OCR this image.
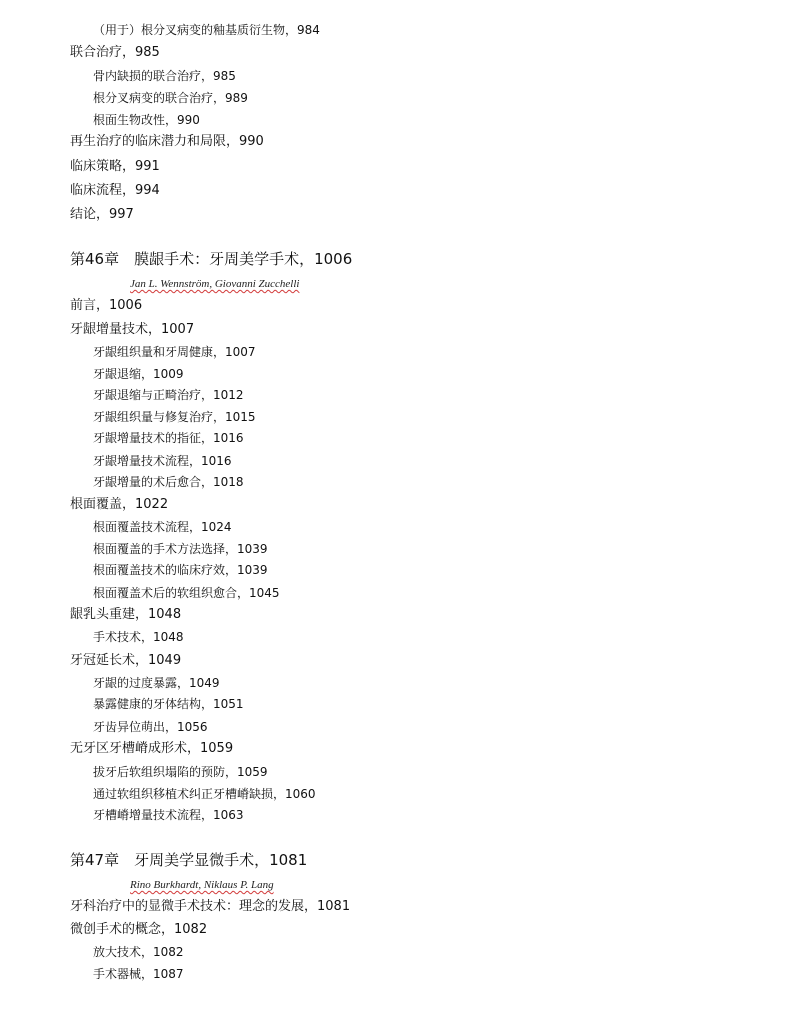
（用于）根分叉病变的釉基质衍生物，984
联合治疗，985
骨内缺损的联合治疗，985
根分叉病变的联合治疗，989
根面生物改性，990
再生治疗的临床潜力和局限，990
临床策略，991
临床流程，994
结论，997
第46章　膜龈手术：牙周美学手术，1006
Jan L. Wennström, Giovanni Zucchelli
前言，1006
牙龈增量技术，1007
牙龈组织量和牙周健康，1007
牙龈退缩，1009
牙龈退缩与正畸治疗，1012
牙龈组织量与修复治疗，1015
牙龈增量技术的指征，1016
牙龈增量技术流程，1016
牙龈增量的术后愈合，1018
根面覆盖，1022
根面覆盖技术流程，1024
根面覆盖的手术方法选择，1039
根面覆盖技术的临床疗效，1039
根面覆盖术后的软组织愈合，1045
龈乳头重建，1048
手术技术，1048
牙冠延长术，1049
牙龈的过度暴露，1049
暴露健康的牙体结构，1051
牙齿异位萌出，1056
无牙区牙槽嵴成形术，1059
拔牙后软组织塌陷的预防，1059
通过软组织移植术纠正牙槽嵴缺损，1060
牙槽嵴增量技术流程，1063
第47章　牙周美学显微手术，1081
Rino Burkhardt, Niklaus P. Lang
牙科治疗中的显微手术技术：理念的发展，1081
微创手术的概念，1082
放大技术，1082
手术器械，1087
